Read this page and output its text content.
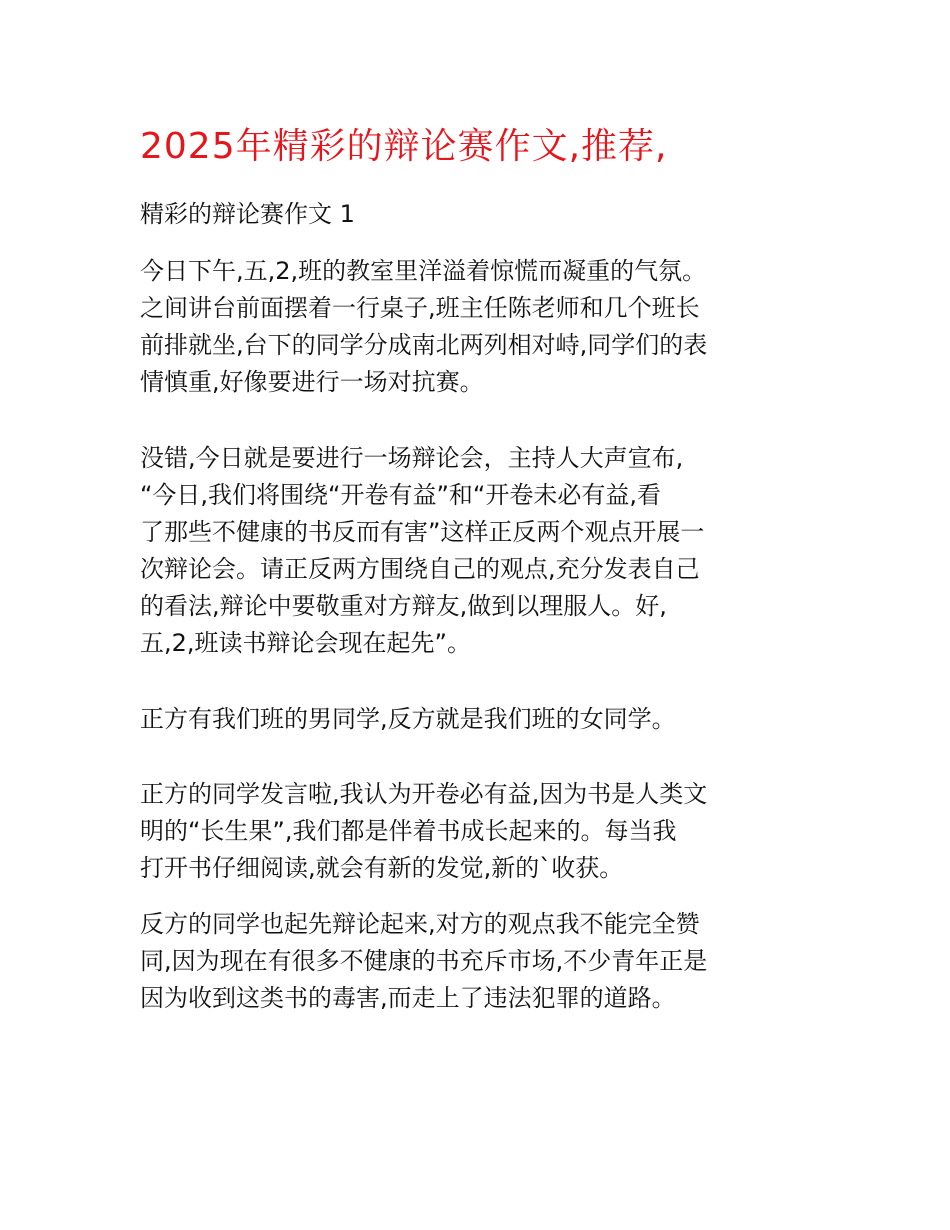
2025年精彩的辩论赛作文,推荐,

精彩的辩论赛作文 1

今日下午,五,2,班的教室里洋溢着惊慌而凝重的气氛。
之间讲台前面摆着一行桌子,班主任陈老师和几个班长
前排就坐,台下的同学分成南北两列相对峙,同学们的表
情慎重,好像要进行一场对抗赛。
没错,今日就是要进行一场辩论会，主持人大声宣布,
“今日,我们将围绕“开卷有益”和“开卷未必有益,看
了那些不健康的书反而有害”这样正反两个观点开展一
次辩论会。请正反两方围绕自己的观点,充分发表自己
的看法,辩论中要敬重对方辩友,做到以理服人。好,
五,2,班读书辩论会现在起先”。
正方有我们班的男同学,反方就是我们班的女同学。
正方的同学发言啦,我认为开卷必有益,因为书是人类文
明的“长生果”,我们都是伴着书成长起来的。每当我
打开书仔细阅读,就会有新的发觉,新的`收获。
反方的同学也起先辩论起来,对方的观点我不能完全赞
同,因为现在有很多不健康的书充斥市场,不少青年正是
因为收到这类书的毒害,而走上了违法犯罪的道路。
